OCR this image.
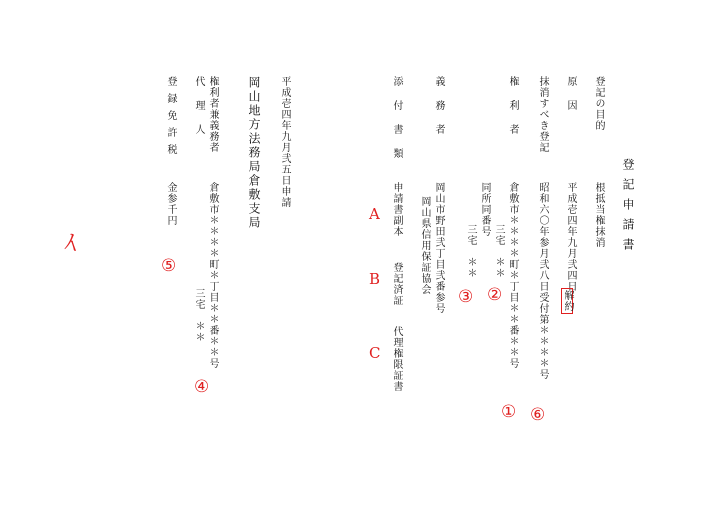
登記申請書
登記の目的
根抵当権抹消
原因
平成壱四年九月弐四日
解約
抹消すべき登記
昭和六〇年参月弐八日受付第＊＊＊＊号
権利者
倉敷市＊＊＊＊町＊丁目＊＊番＊＊号
三宅　＊＊
同所同番号
三宅　＊＊
義務者
岡山市野田弐丁目弐番参号
岡山県信用保証協会
添付書類
申請書副本
登記済証
代理権限証書
平成壱四年九月弐五日申請
岡山地方法務局倉敷支局
権利者兼義務者
倉敷市＊＊＊＊町＊丁目＊＊番＊＊号
代理人
三宅　＊＊
登録免許税
金参千円
①
②
③
④
⑤
⑥
A
B
C
イ
